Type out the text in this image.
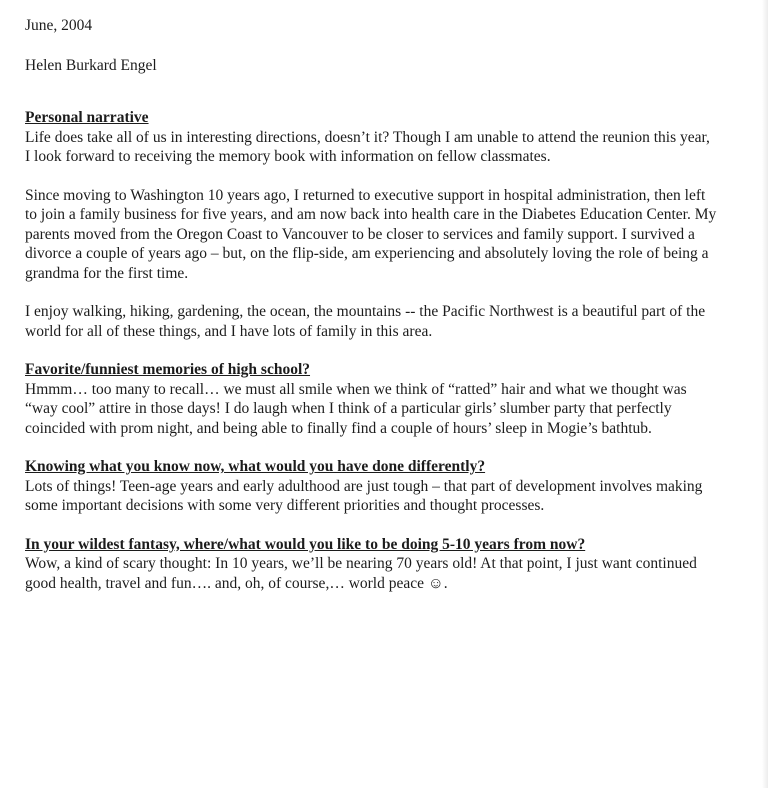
June, 2004

Helen Burkard Engel

Personal narrative

Life does take all of us in interesting directions, doesn’t it? Though I am unable to attend the reunion this year, I look forward to receiving the memory book with information on fellow classmates.

Since moving to Washington 10 years ago, I returned to executive support in hospital administration, then left to join a family business for five years, and am now back into health care in the Diabetes Education Center. My parents moved from the Oregon Coast to Vancouver to be closer to services and family support. I survived a divorce a couple of years ago – but, on the flip-side, am experiencing and absolutely loving the role of being a grandma for the first time.

I enjoy walking, hiking, gardening, the ocean, the mountains -- the Pacific Northwest is a beautiful part of the world for all of these things, and I have lots of family in this area.

Favorite/funniest memories of high school?

Hmmm… too many to recall… we must all smile when we think of “ratted” hair and what we thought was “way cool” attire in those days! I do laugh when I think of a particular girls’ slumber party that perfectly coincided with prom night, and being able to finally find a couple of hours’ sleep in Mogie’s bathtub.

Knowing what you know now, what would you have done differently?

Lots of things! Teen-age years and early adulthood are just tough – that part of development involves making some important decisions with some very different priorities and thought processes.

In your wildest fantasy, where/what would you like to be doing 5-10 years from now?

Wow, a kind of scary thought: In 10 years, we’ll be nearing 70 years old! At that point, I just want continued good health, travel and fun…. and, oh, of course,… world peace ☺.
